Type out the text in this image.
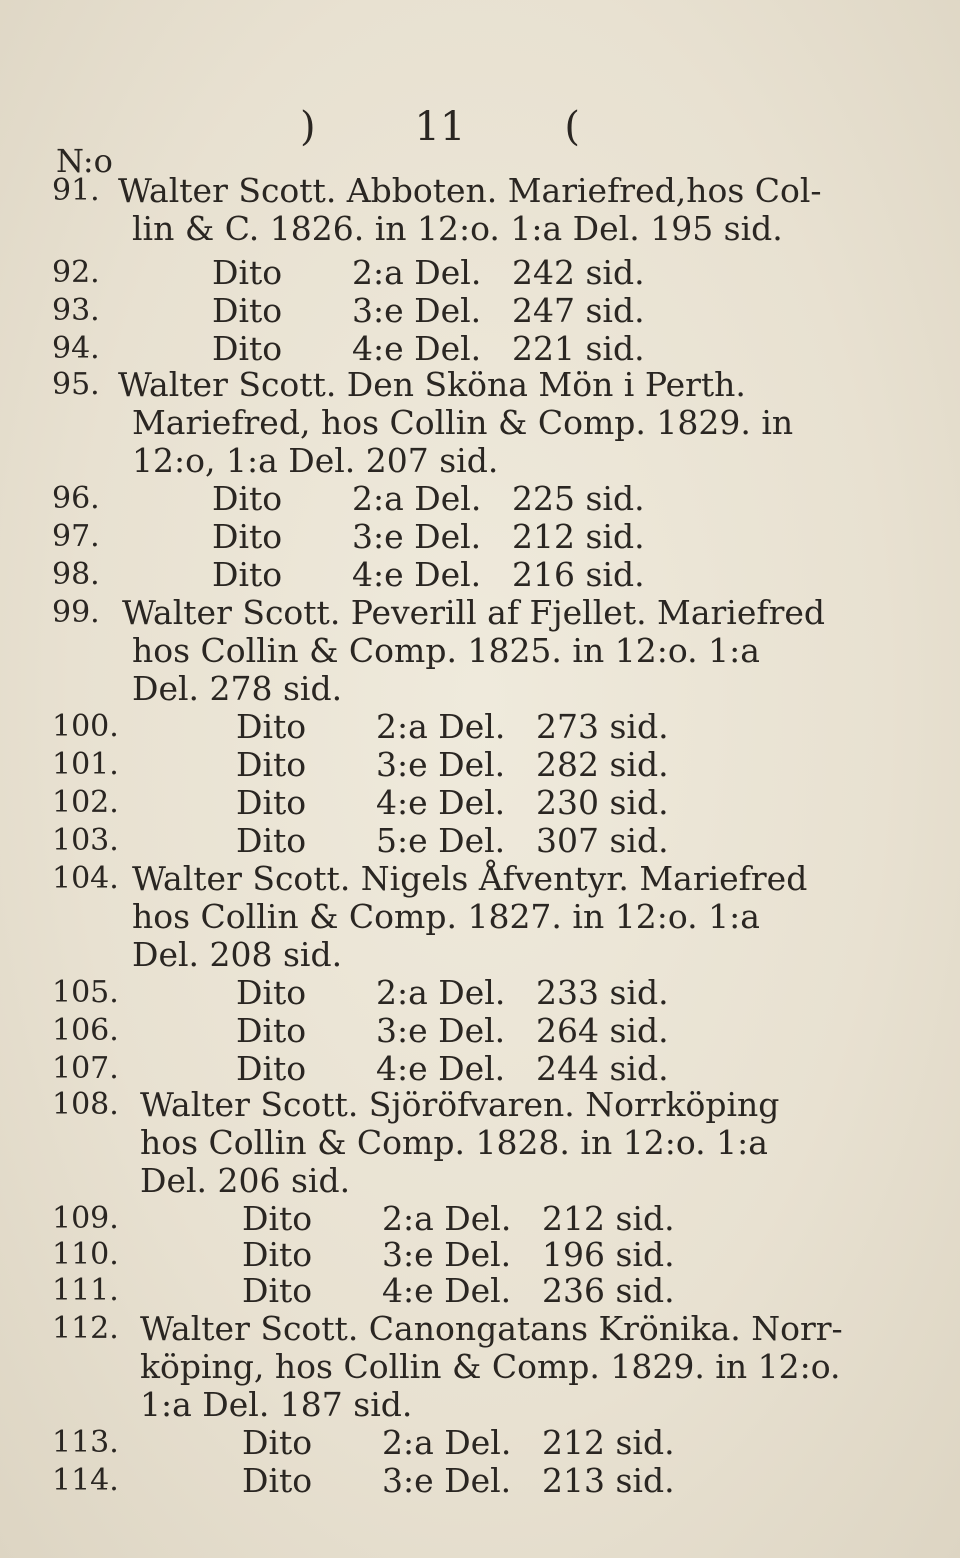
) 11 (
N:o
91. Walter Scott. Abboten. Mariefred,hos Col-
lin & C. 1826. in 12:o. 1:a Del. 195 sid.
92.	Dito 2:a Del. 242 sid.
93.	Dito 3:e Del. 247 sid.
94.	Dito 4:e Del. 221 sid.
95. Walter Scott. Den Sköna Mön i Perth.
Mariefred, hos Collin & Comp. 1829. in
12:o, 1:a Del. 207 sid.
96.	Dito 2:a Del. 225 sid.
97.	Dito 3:e Del. 212 sid.
98.	Dito 4:e Del. 216 sid.
99. Walter Scott. Peverill af Fjellet. Mariefred
hos Collin & Comp. 1825. in 12:o. 1:a
Del. 278 sid.
100.	Dito 2:a Del. 273 sid.
101.	Dito 3:e Del. 282 sid.
102.	Dito 4:e Del. 230 sid.
103.	Dito 5:e Del. 307 sid.
104. Walter Scott. Nigels Åfventyr. Mariefred
hos Collin & Comp. 1827. in 12:o. 1:a
Del. 208 sid.
105.	Dito 2:a Del. 233 sid.
106.	Dito 3:e Del. 264 sid.
107.	Dito 4:e Del. 244 sid.
108. Walter Scott. Sjöröfvaren. Norrköping
hos Collin & Comp. 1828. in 12:o. 1:a
Del. 206 sid.
109.	Dito 2:a Del. 212 sid.
110.	Dito 3:e Del. 196 sid.
111.	Dito 4:e Del. 236 sid.
112. Walter Scott. Canongatans Krönika. Norr-
köping, hos Collin & Comp. 1829. in 12:o.
1:a Del. 187 sid.
113.	Dito 2:a Del. 212 sid.
114.	Dito 3:e Del. 213 sid.
